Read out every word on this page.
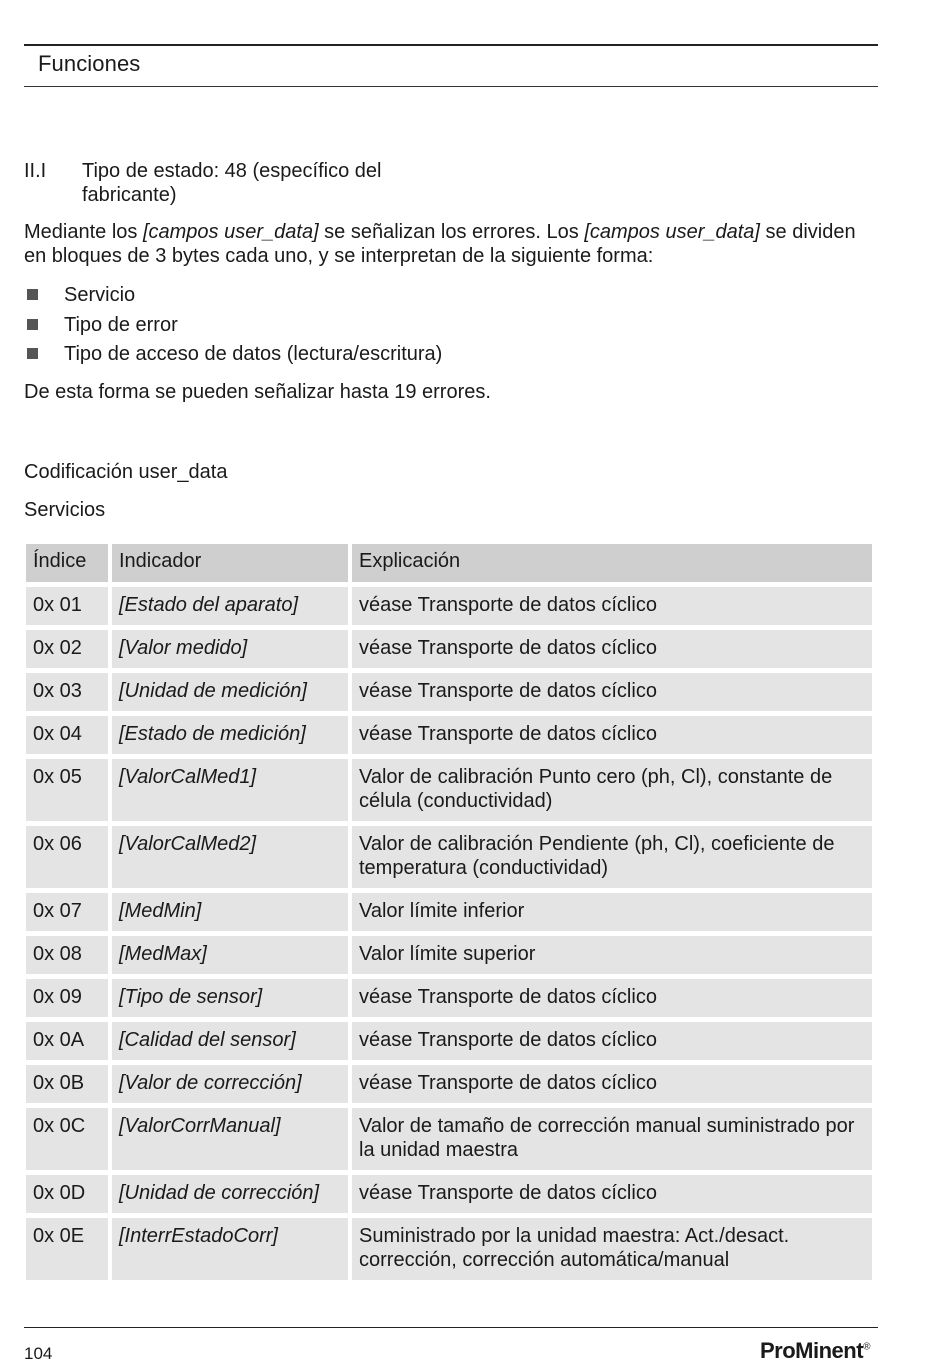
Funciones
II.I	Tipo de estado: 48 (específico del fabricante)
Mediante los [campos user_data] se señalizan los errores. Los [campos user_data] se dividen en bloques de 3 bytes cada uno, y se interpretan de la siguiente forma:
Servicio
Tipo de error
Tipo de acceso de datos (lectura/escritura)
De esta forma se pueden señalizar hasta 19 errores.
Codificación user_data
Servicios
Índice	Indicador	Explicación
0x 01	[Estado del aparato]	véase Transporte de datos cíclico
0x 02	[Valor medido]	véase Transporte de datos cíclico
0x 03	[Unidad de medición]	véase Transporte de datos cíclico
0x 04	[Estado de medición]	véase Transporte de datos cíclico
0x 05	[ValorCalMed1]	Valor de calibración Punto cero (ph, Cl), constante de célula (conductividad)
0x 06	[ValorCalMed2]	Valor de calibración Pendiente (ph, Cl), coeficiente de temperatura (conductividad)
0x 07	[MedMin]	Valor límite inferior
0x 08	[MedMax]	Valor límite superior
0x 09	[Tipo de sensor]	véase Transporte de datos cíclico
0x 0A	[Calidad del sensor]	véase Transporte de datos cíclico
0x 0B	[Valor de corrección]	véase Transporte de datos cíclico
0x 0C	[ValorCorrManual]	Valor de tamaño de corrección manual suministrado por la unidad maestra
0x 0D	[Unidad de corrección]	véase Transporte de datos cíclico
0x 0E	[InterrEstadoCorr]	Suministrado por la unidad maestra: Act./desact. corrección, corrección automática/manual
104	ProMinent®
